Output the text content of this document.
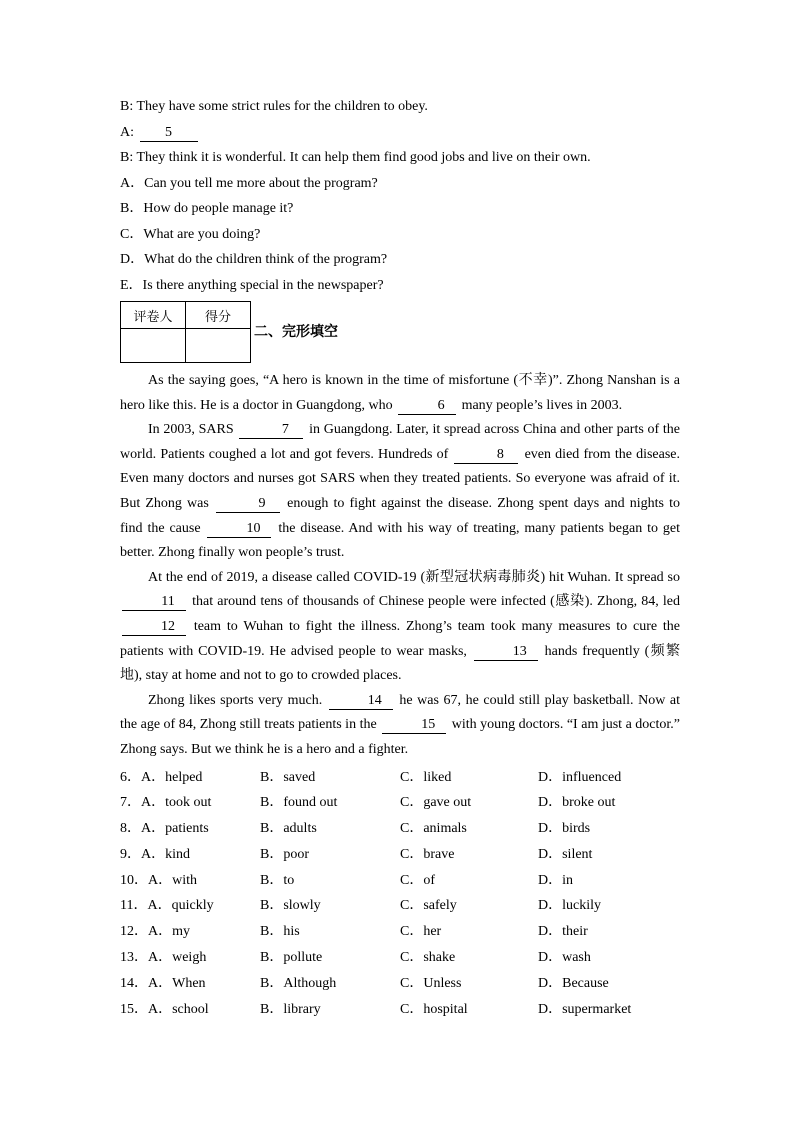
B: They have some strict rules for the children to obey.
A: 5
B: They think it is wonderful. It can help them find good jobs and live on their own.
A．Can you tell me more about the program?
B．How do people manage it?
C．What are you doing?
D．What do the children think of the program?
E．Is there anything special in the newspaper?
评卷人	得分

二、完形填空

As the saying goes, “A hero is known in the time of misfortune (不幸)”. Zhong Nanshan is a hero like this. He is a doctor in Guangdong, who	6 many people’s lives in 2003.

In 2003, SARS	7 in Guangdong. Later, it spread across China and other parts of the world. Patients coughed a lot and got fevers. Hundreds of	8 even died from the disease. Even many doctors and nurses got SARS when they treated patients. So everyone was afraid of it. But Zhong was	9 enough to fight against the disease. Zhong spent days and nights to find the cause	10 the disease. And with his way of treating, many patients began to get better. Zhong finally won people’s trust.

At the end of 2019, a disease called COVID-19 (新型冠状病毒肺炎) hit Wuhan. It spread so 11 that around tens of thousands of Chinese people were infected (感染). Zhong, 84, led 12 team to Wuhan to fight the illness. Zhong’s team took many measures to cure the patients with COVID-19. He advised people to wear masks,	13 hands frequently (频繁地), stay at home and not to go to crowded places.

Zhong likes sports very much.	14 he was 67, he could still play basketball. Now at the age of 84, Zhong still treats patients in the	15 with young doctors. “I am just a doctor.” Zhong says. But we think he is a hero and a fighter.

6．A．helped	B．saved	C．liked	D．influenced
7．A．took out	B．found out	C．gave out	D．broke out
8．A．patients	B．adults	C．animals	D．birds
9．A．kind	B．poor	C．brave	D．silent
10．A．with	B．to	C．of	D．in
11．A．quickly	B．slowly	C．safely	D．luckily
12．A．my	B．his	C．her	D．their
13．A．weigh	B．pollute	C．shake	D．wash
14．A．When	B．Although	C．Unless	D．Because
15．A．school	B．library	C．hospital	D．supermarket
